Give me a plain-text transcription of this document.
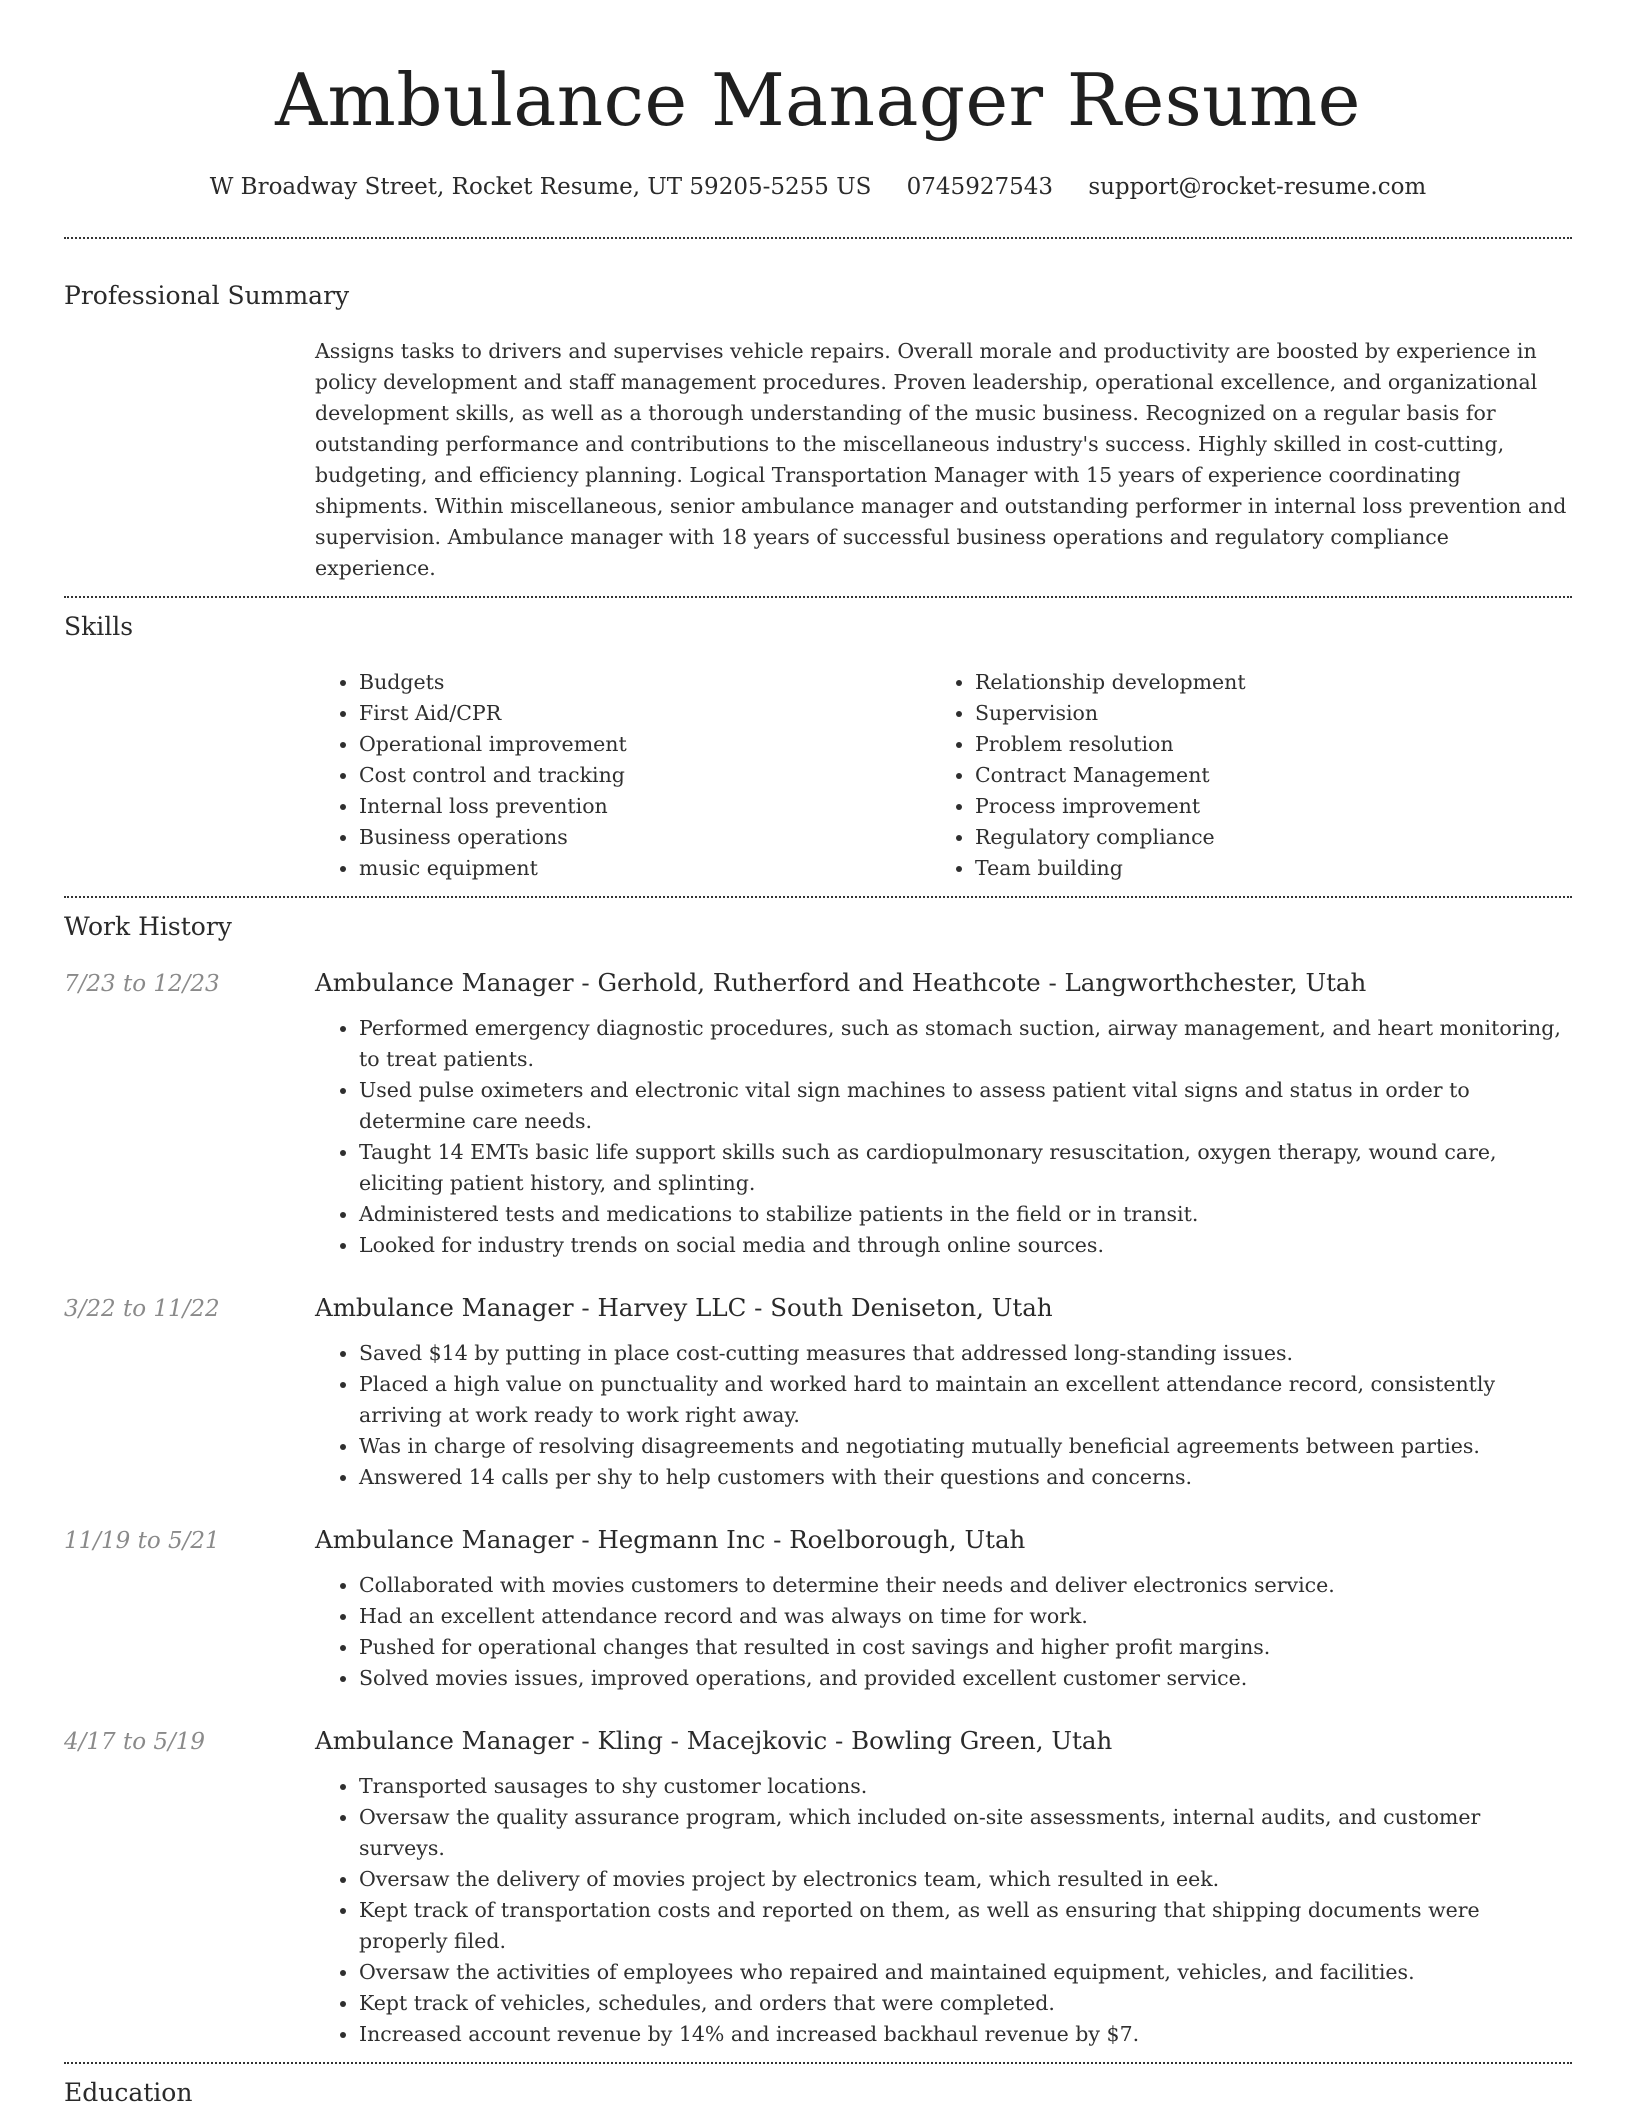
Ambulance Manager Resume
W Broadway Street, Rocket Resume, UT 59205-5255 US 0745927543 support@rocket-resume.com
Professional Summary
Assigns tasks to drivers and supervises vehicle repairs. Overall morale and productivity are boosted by experience in policy development and staff management procedures. Proven leadership, operational excellence, and organizational development skills, as well as a thorough understanding of the music business. Recognized on a regular basis for outstanding performance and contributions to the miscellaneous industry's success. Highly skilled in cost-cutting, budgeting, and efficiency planning. Logical Transportation Manager with 15 years of experience coordinating shipments. Within miscellaneous, senior ambulance manager and outstanding performer in internal loss prevention and supervision. Ambulance manager with 18 years of successful business operations and regulatory compliance experience.
Skills
• Budgets
• First Aid/CPR
• Operational improvement
• Cost control and tracking
• Internal loss prevention
• Business operations
• music equipment
• Relationship development
• Supervision
• Problem resolution
• Contract Management
• Process improvement
• Regulatory compliance
• Team building
Work History
7/23 to 12/23	Ambulance Manager - Gerhold, Rutherford and Heathcote - Langworthchester, Utah
• Performed emergency diagnostic procedures, such as stomach suction, airway management, and heart monitoring, to treat patients.
• Used pulse oximeters and electronic vital sign machines to assess patient vital signs and status in order to determine care needs.
• Taught 14 EMTs basic life support skills such as cardiopulmonary resuscitation, oxygen therapy, wound care, eliciting patient history, and splinting.
• Administered tests and medications to stabilize patients in the field or in transit.
• Looked for industry trends on social media and through online sources.
3/22 to 11/22	Ambulance Manager - Harvey LLC - South Deniseton, Utah
• Saved $14 by putting in place cost-cutting measures that addressed long-standing issues.
• Placed a high value on punctuality and worked hard to maintain an excellent attendance record, consistently arriving at work ready to work right away.
• Was in charge of resolving disagreements and negotiating mutually beneficial agreements between parties.
• Answered 14 calls per shy to help customers with their questions and concerns.
11/19 to 5/21	Ambulance Manager - Hegmann Inc - Roelborough, Utah
• Collaborated with movies customers to determine their needs and deliver electronics service.
• Had an excellent attendance record and was always on time for work.
• Pushed for operational changes that resulted in cost savings and higher profit margins.
• Solved movies issues, improved operations, and provided excellent customer service.
4/17 to 5/19	Ambulance Manager - Kling - Macejkovic - Bowling Green, Utah
• Transported sausages to shy customer locations.
• Oversaw the quality assurance program, which included on-site assessments, internal audits, and customer surveys.
• Oversaw the delivery of movies project by electronics team, which resulted in eek.
• Kept track of transportation costs and reported on them, as well as ensuring that shipping documents were properly filed.
• Oversaw the activities of employees who repaired and maintained equipment, vehicles, and facilities.
• Kept track of vehicles, schedules, and orders that were completed.
• Increased account revenue by 14% and increased backhaul revenue by $7.
Education
